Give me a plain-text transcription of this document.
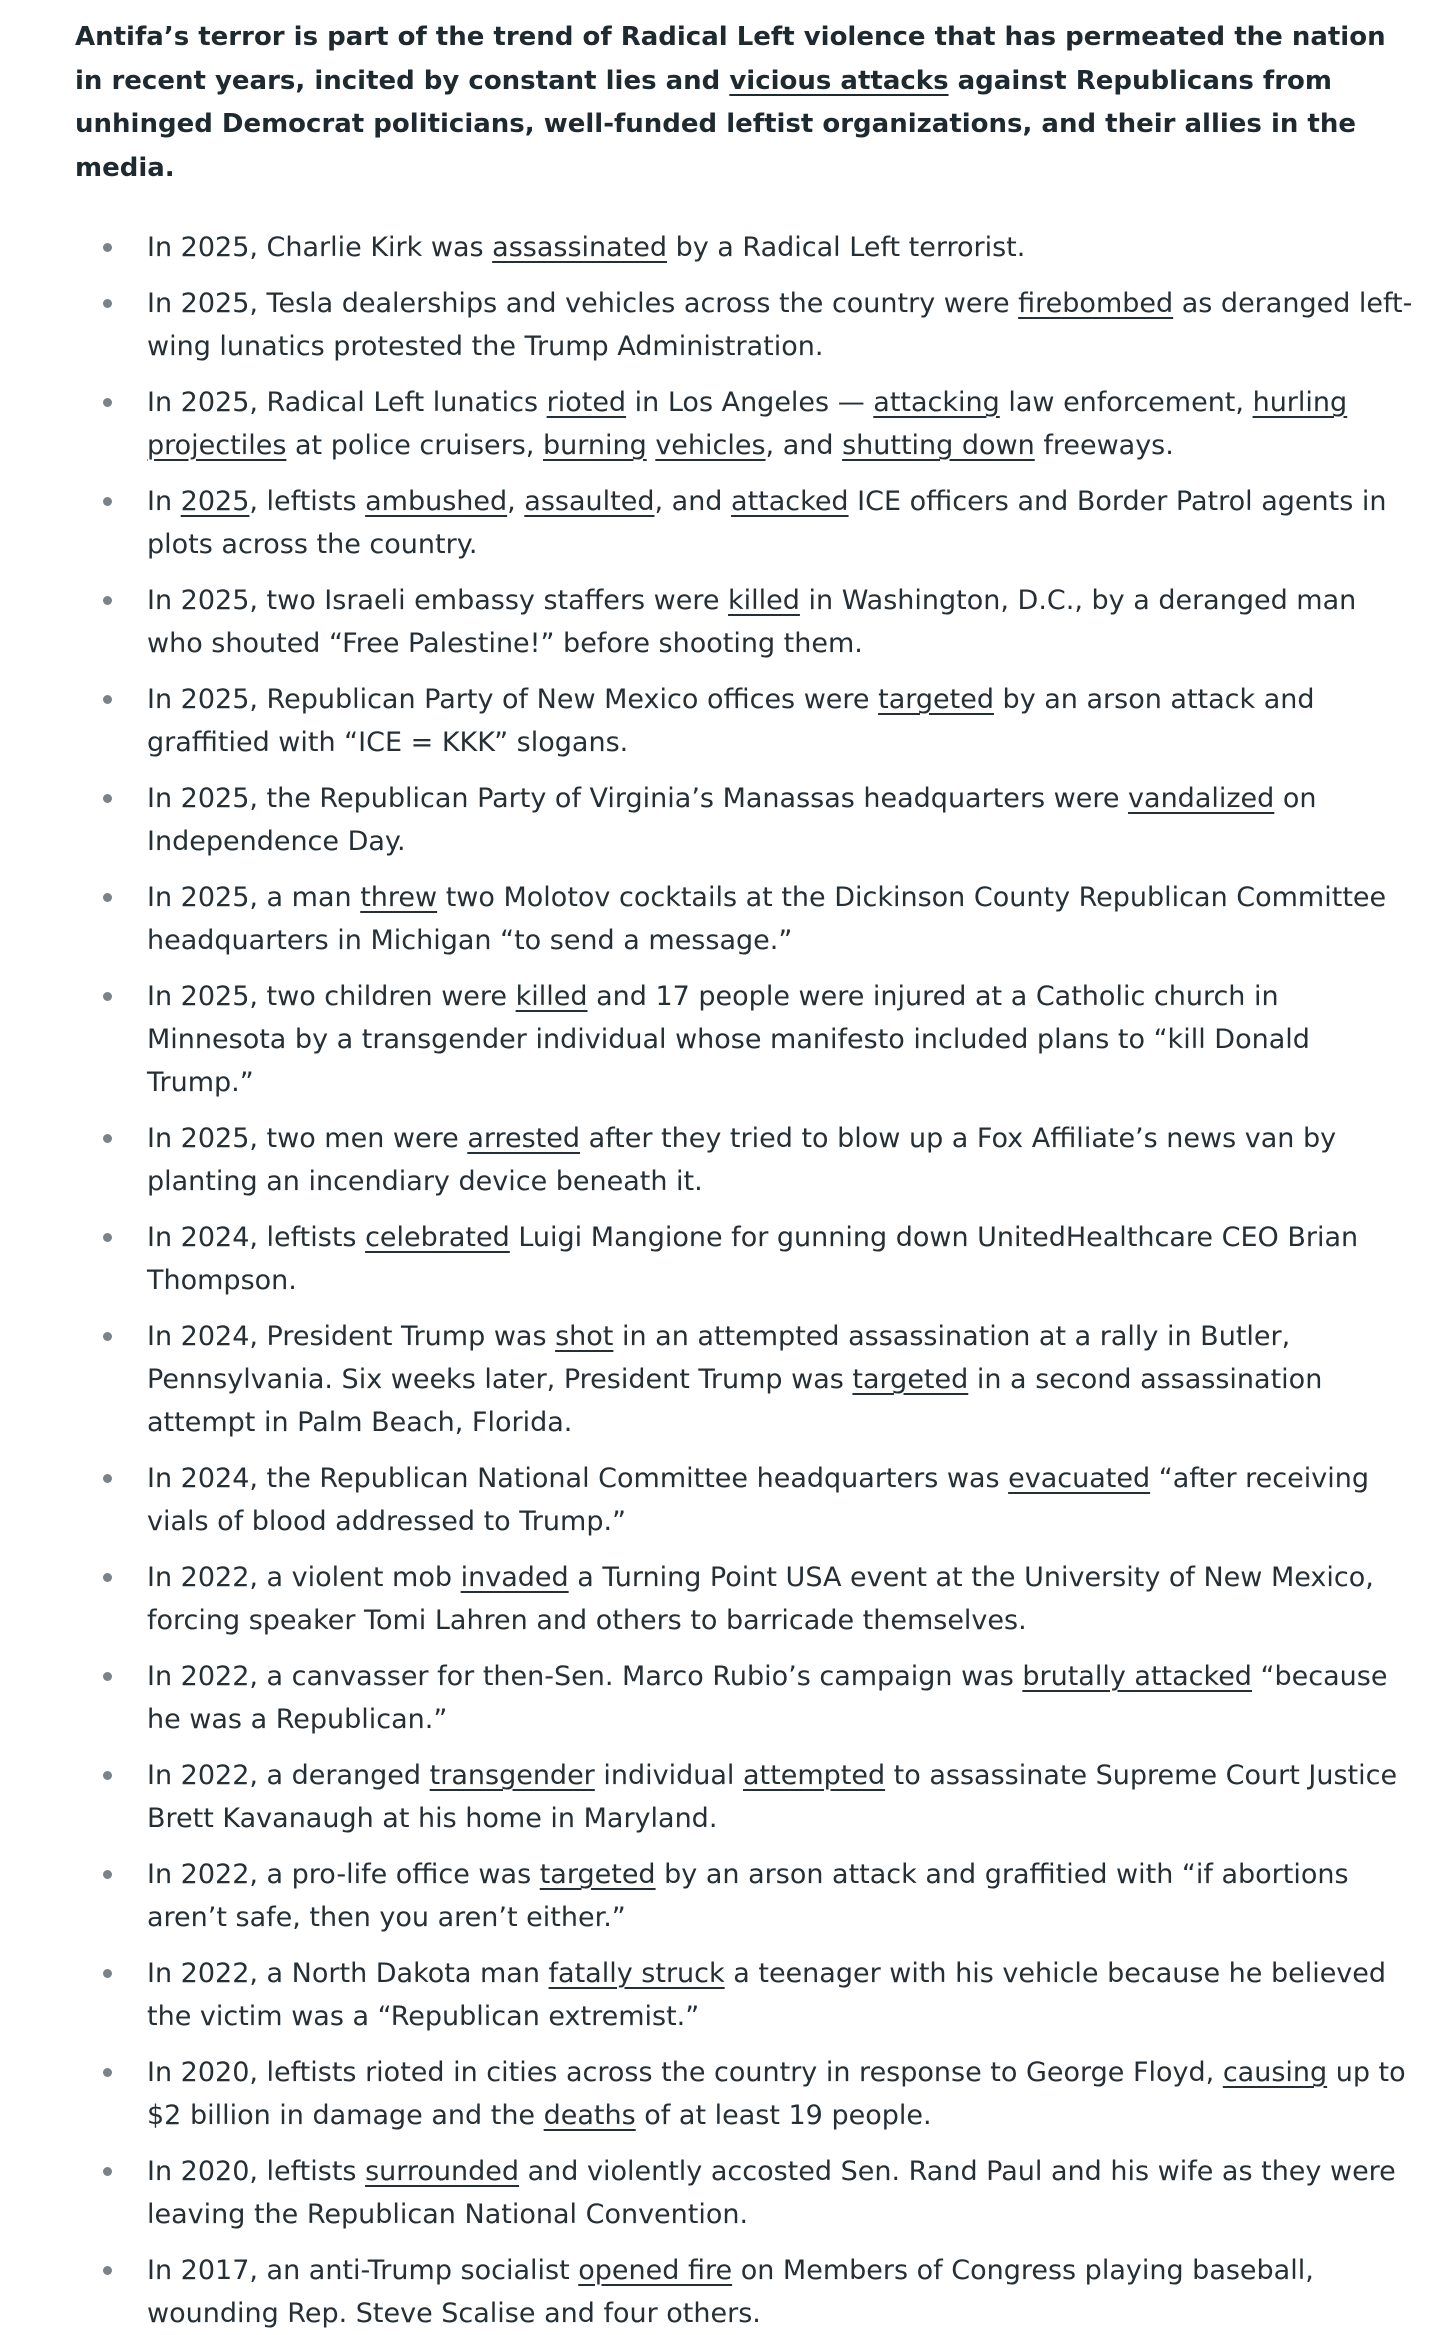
Antifa’s terror is part of the trend of Radical Left violence that has permeated the nation in recent years, incited by constant lies and vicious attacks against Republicans from unhinged Democrat politicians, well-funded leftist organizations, and their allies in the media.

In 2025, Charlie Kirk was assassinated by a Radical Left terrorist.
In 2025, Tesla dealerships and vehicles across the country were firebombed as deranged left-wing lunatics protested the Trump Administration.
In 2025, Radical Left lunatics rioted in Los Angeles — attacking law enforcement, hurling projectiles at police cruisers, burning vehicles, and shutting down freeways.
In 2025, leftists ambushed, assaulted, and attacked ICE officers and Border Patrol agents in plots across the country.
In 2025, two Israeli embassy staffers were killed in Washington, D.C., by a deranged man who shouted “Free Palestine!” before shooting them.
In 2025, Republican Party of New Mexico offices were targeted by an arson attack and graffitied with “ICE = KKK” slogans.
In 2025, the Republican Party of Virginia’s Manassas headquarters were vandalized on Independence Day.
In 2025, a man threw two Molotov cocktails at the Dickinson County Republican Committee headquarters in Michigan “to send a message.”
In 2025, two children were killed and 17 people were injured at a Catholic church in Minnesota by a transgender individual whose manifesto included plans to “kill Donald Trump.”
In 2025, two men were arrested after they tried to blow up a Fox Affiliate’s news van by planting an incendiary device beneath it.
In 2024, leftists celebrated Luigi Mangione for gunning down UnitedHealthcare CEO Brian Thompson.
In 2024, President Trump was shot in an attempted assassination at a rally in Butler, Pennsylvania. Six weeks later, President Trump was targeted in a second assassination attempt in Palm Beach, Florida.
In 2024, the Republican National Committee headquarters was evacuated “after receiving vials of blood addressed to Trump.”
In 2022, a violent mob invaded a Turning Point USA event at the University of New Mexico, forcing speaker Tomi Lahren and others to barricade themselves.
In 2022, a canvasser for then-Sen. Marco Rubio’s campaign was brutally attacked “because he was a Republican.”
In 2022, a deranged transgender individual attempted to assassinate Supreme Court Justice Brett Kavanaugh at his home in Maryland.
In 2022, a pro-life office was targeted by an arson attack and graffitied with “if abortions aren’t safe, then you aren’t either.”
In 2022, a North Dakota man fatally struck a teenager with his vehicle because he believed the victim was a “Republican extremist.”
In 2020, leftists rioted in cities across the country in response to George Floyd, causing up to $2 billion in damage and the deaths of at least 19 people.
In 2020, leftists surrounded and violently accosted Sen. Rand Paul and his wife as they were leaving the Republican National Convention.
In 2017, an anti-Trump socialist opened fire on Members of Congress playing baseball, wounding Rep. Steve Scalise and four others.
